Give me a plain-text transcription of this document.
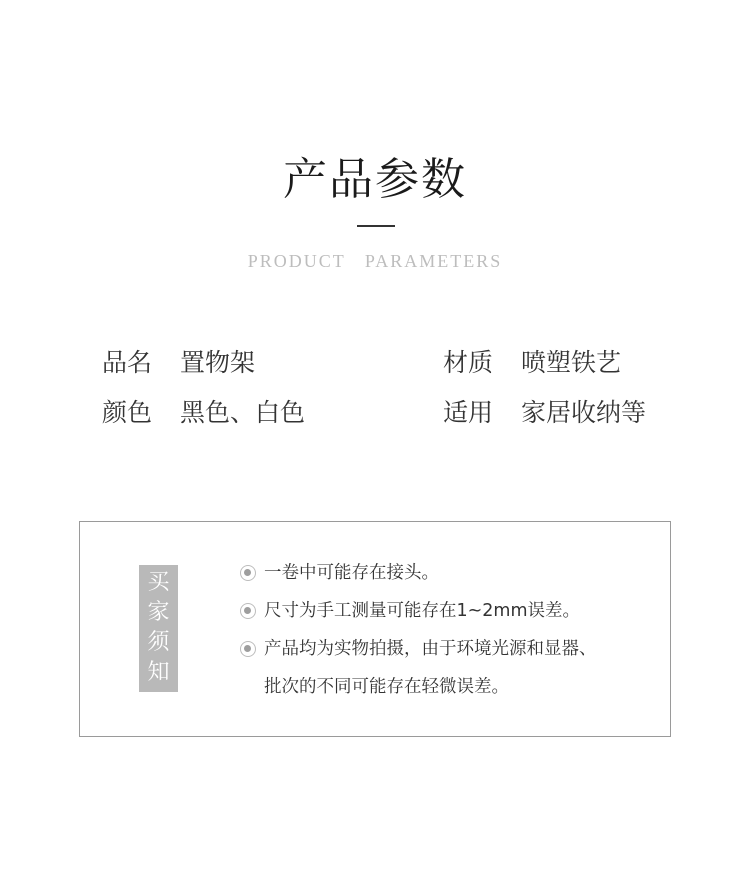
产品参数
PRODUCT   PARAMETERS
品名 置物架	材质 喷塑铁艺
颜色 黑色、白色	适用 家居收纳等
买
家
须
知
一卷中可能存在接头。
尺寸为手工测量可能存在1~2mm误差。
产品均为实物拍摄，由于环境光源和显器、
批次的不同可能存在轻微误差。
